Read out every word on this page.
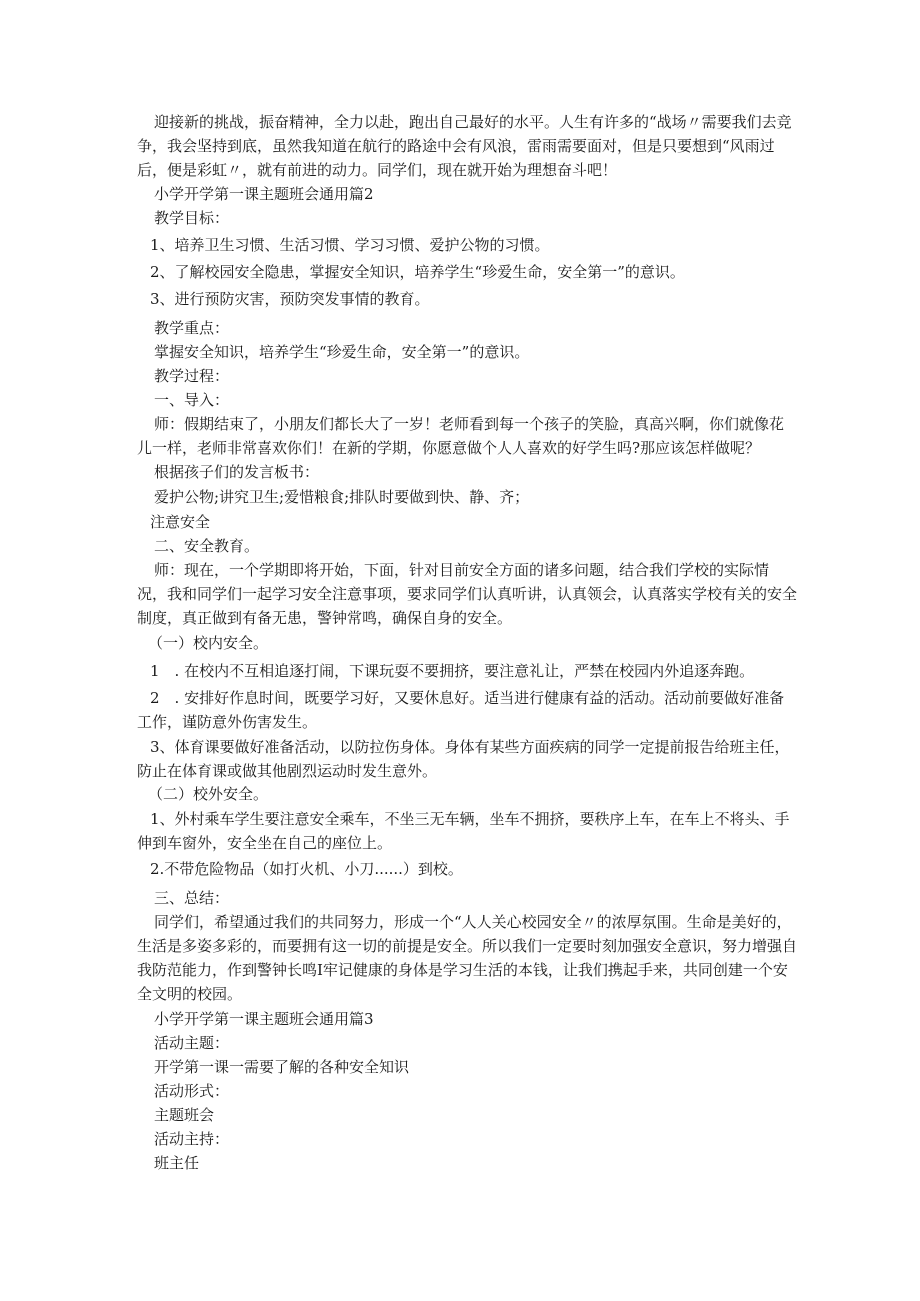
迎接新的挑战，振奋精神，全力以赴，跑出自己最好的水平。人生有许多的“战场〃需要我们去竞争，我会坚持到底，虽然我知道在航行的路途中会有风浪，雷雨需要面对，但是只要想到“风雨过后，便是彩虹〃，就有前进的动力。同学们，现在就开始为理想奋斗吧！
小学开学第一课主题班会通用篇2
教学目标：
1、培养卫生习惯、生活习惯、学习习惯、爱护公物的习惯。
2、了解校园安全隐患，掌握安全知识，培养学生“珍爱生命，安全第一”的意识。
3、进行预防灾害，预防突发事情的教育。
教学重点：
掌握安全知识，培养学生“珍爱生命，安全第一”的意识。
教学过程：
一、导入：
师：假期结束了，小朋友们都长大了一岁！老师看到每一个孩子的笑脸，真高兴啊，你们就像花儿一样，老师非常喜欢你们！在新的学期，你愿意做个人人喜欢的好学生吗?那应该怎样做呢？
根据孩子们的发言板书：
爱护公物;讲究卫生;爱惜粮食;排队时要做到快、静、齐；
注意安全
二、安全教育。
师：现在，一个学期即将开始，下面，针对目前安全方面的诸多问题，结合我们学校的实际情况，我和同学们一起学习安全注意事项，要求同学们认真听讲，认真领会，认真落实学校有关的安全制度，真正做到有备无患，警钟常鸣，确保自身的安全。
（一）校内安全。
1　. 在校内不互相追逐打闹，下课玩耍不要拥挤，要注意礼让，严禁在校园内外追逐奔跑。
2　. 安排好作息时间，既要学习好，又要休息好。适当进行健康有益的活动。活动前要做好准备工作，谨防意外伤害发生。
3、体育课要做好准备活动，以防拉伤身体。身体有某些方面疾病的同学一定提前报告给班主任，防止在体育课或做其他剧烈运动时发生意外。
（二）校外安全。
1、外村乘车学生要注意安全乘车，不坐三无车辆，坐车不拥挤，要秩序上车，在车上不将头、手伸到车窗外，安全坐在自己的座位上。
2.不带危险物品（如打火机、小刀......）到校。
三、总结：
同学们，希望通过我们的共同努力，形成一个“人人关心校园安全〃的浓厚氛围。生命是美好的，生活是多姿多彩的，而要拥有这一切的前提是安全。所以我们一定要时刻加强安全意识，努力增强自我防范能力，作到警钟长鸣I牢记健康的身体是学习生活的本钱，让我们携起手来，共同创建一个安全文明的校园。
小学开学第一课主题班会通用篇3
活动主题：
开学第一课一需要了解的各种安全知识
活动形式：
主题班会
活动主持：
班主任
